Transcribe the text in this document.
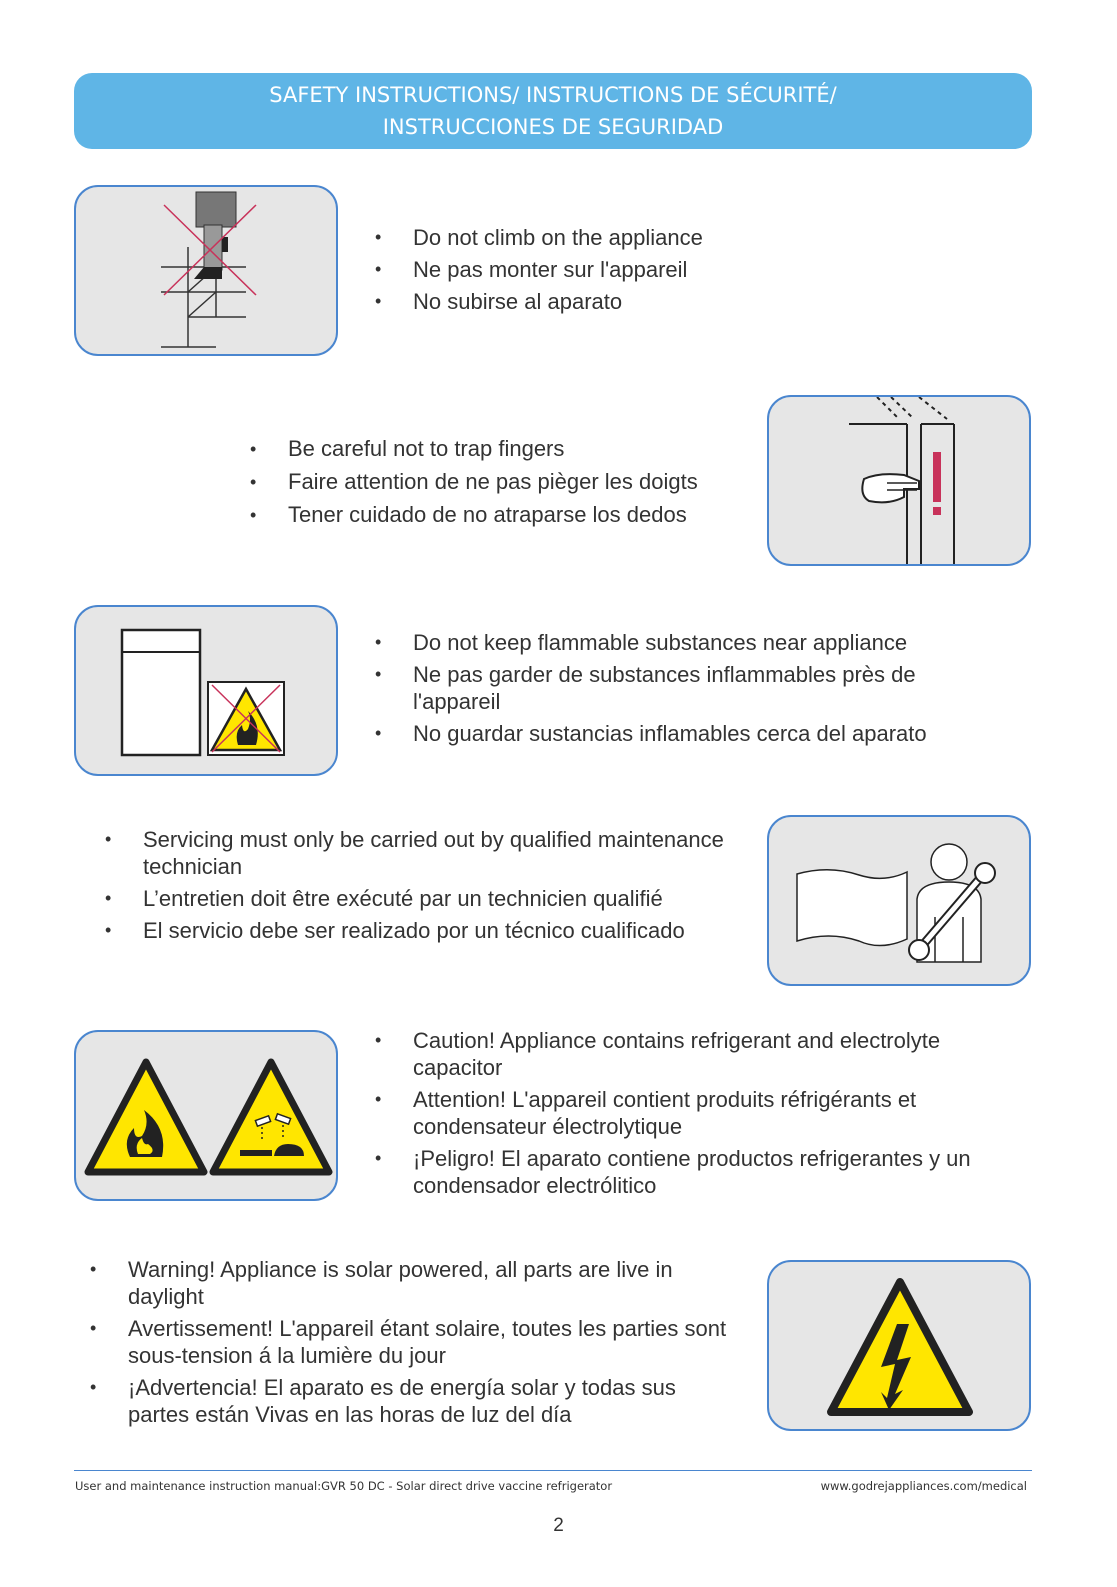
SAFETY INSTRUCTIONS/ INSTRUCTIONS DE SÉCURITÉ/
INSTRUCCIONES DE SEGURIDAD
• Do not climb on the appliance
• Ne pas monter sur l'appareil
• No subirse al aparato
• Be careful not to trap fingers
• Faire attention de ne pas pièger les doigts
• Tener cuidado de no atraparse los dedos
• Do not keep flammable substances near appliance
• Ne pas garder de substances inflammables près de l'appareil
• No guardar sustancias inflamables cerca del aparato
• Servicing must only be carried out by qualified maintenance technician
• L’entretien doit être exécuté par un technicien qualifié
• El servicio debe ser realizado por un técnico cualificado
• Caution! Appliance contains refrigerant and electrolyte capacitor
• Attention! L'appareil contient produits réfrigérants et condensateur électrolytique
• ¡Peligro! El aparato contiene productos refrigerantes y un condensador electrólitico
• Warning! Appliance is solar powered, all parts are live in daylight
• Avertissement! L'appareil étant solaire, toutes les parties sont sous-tension á la lumière du jour
• ¡Advertencia! El aparato es de energía solar y todas sus partes están Vivas en las horas de luz del día
User and maintenance instruction manual:GVR 50 DC - Solar direct drive vaccine refrigerator	www.godrejappliances.com/medical
2
